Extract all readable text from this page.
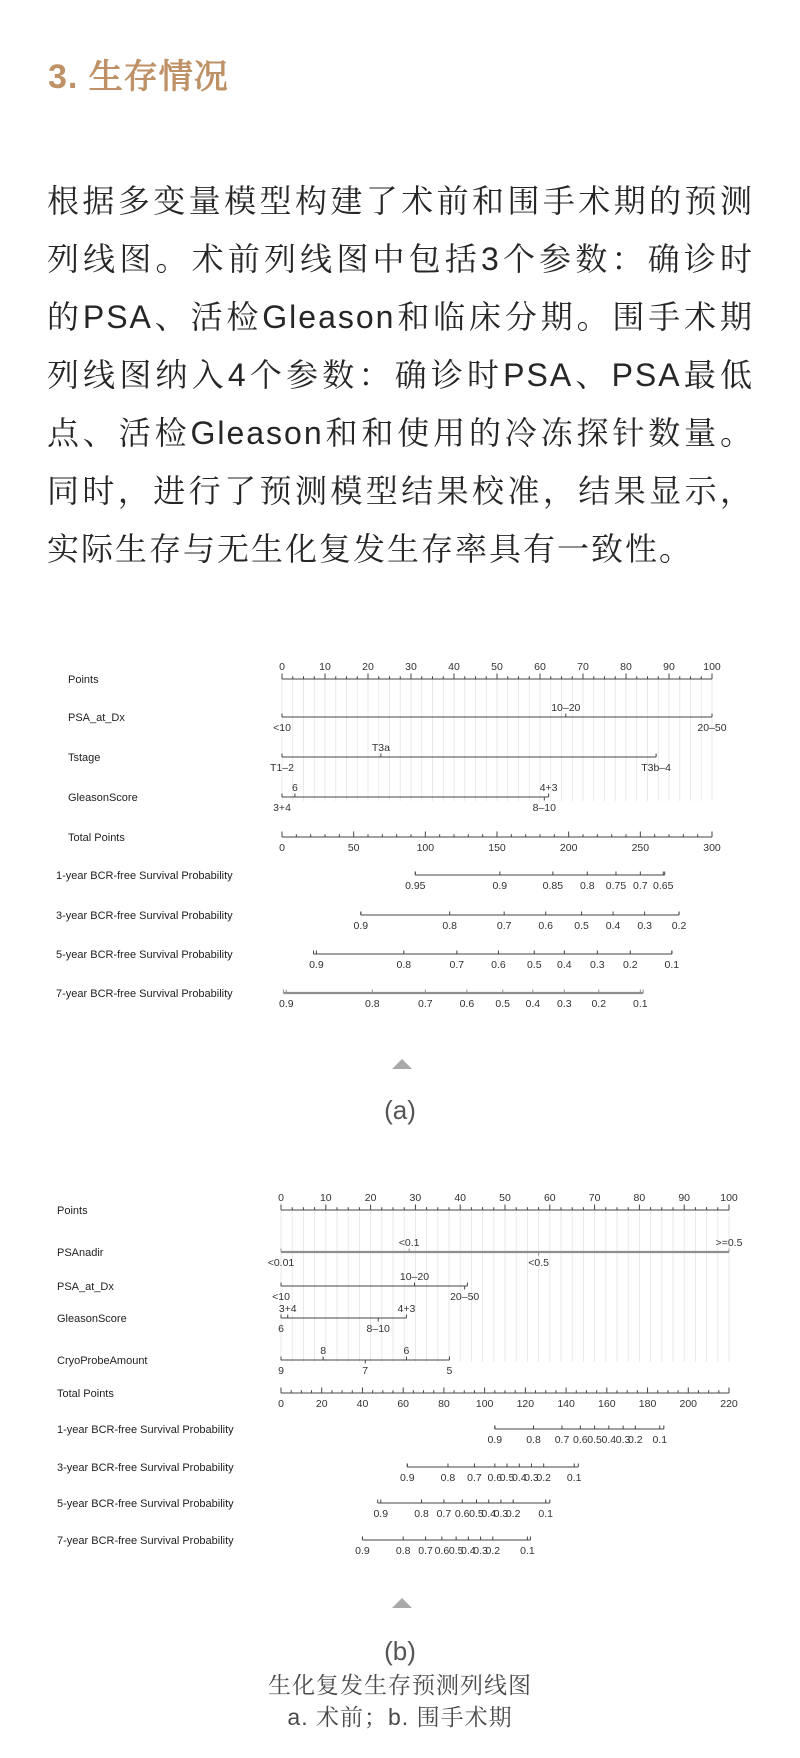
3. 生存情况
根据多变量模型构建了术前和围手术期的预测
列线图。术前列线图中包括3个参数：确诊时
的PSA、活检Gleason和临床分期。围手术期
列线图纳入4个参数：确诊时PSA、PSA最低
点、活检Gleason和和使用的冷冻探针数量。
同时，进行了预测模型结果校准，结果显示，
实际生存与无生化复发生存率具有一致性。
Points
0	10	20	30	40	50	60	70	80	90	100
PSA_at_Dx
10–20
<10	20–50
Tstage
T3a
T1–2	T3b–4
GleasonScore
6	4+3
3+4	8–10
Total Points
0	50	100	150	200	250	300
1-year BCR-free Survival Probability
0.95	0.9	0.85 0.8 0.75 0.7 0.65
3-year BCR-free Survival Probability
0.9	0.8	0.7	0.6 0.5 0.4 0.3 0.2
5-year BCR-free Survival Probability
0.9	0.8	0.7	0.6 0.5 0.4 0.3 0.2	0.1
7-year BCR-free Survival Probability
0.9	0.8	0.7	0.6 0.5 0.4 0.3 0.2	0.1
Points
0	10	20	30	40	50	60	70	80	90	100
PSAnadir
<0.1	>=0.5
<0.01	<0.5
PSA_at_Dx
10–20
<10	20–50
GleasonScore
3+4	4+3
6	8–10
CryoProbeAmount
8	6
9	7	5
Total Points
0	20	40	60	80 100 120 140 160 180 200 220
1-year BCR-free Survival Probability
0.9 0.8 0.7 0.6 0.5 0.4 0.3
0.2 0.1
3-year BCR-free Survival Probability
0.9 0.8 0.7 0.6
0.5
0.4
0.3
0.2 0.1
5-year BCR-free Survival Probability
0.9 0.8 0.7 0.6 0.5
0.4
0.3
0.2 0.1
7-year BCR-free Survival Probability
0.9 0.8 0.7 0.6 0.5
0.4
0.3
0.2 0.1
(a)
(b)
生化复发生存预测列线图
a. 术前；b. 围手术期
